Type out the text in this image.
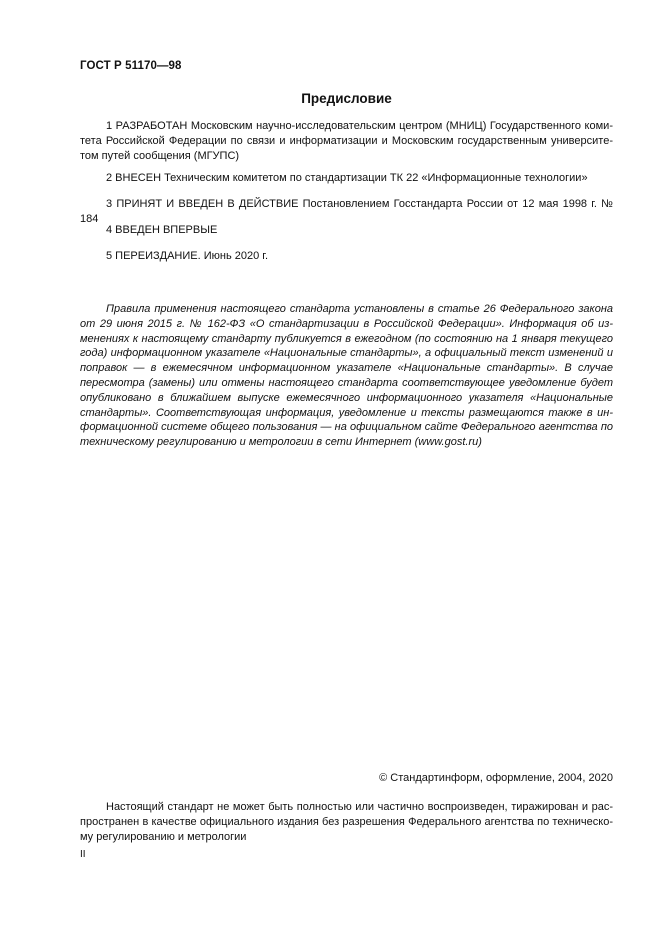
ГОСТ Р 51170—98
Предисловие
1 РАЗРАБОТАН Московским научно-исследовательским центром (МНИЦ) Государственного комитета Российской Федерации по связи и информатизации и Московским государственным университетом путей сообщения (МГУПС)
2 ВНЕСЕН Техническим комитетом по стандартизации ТК 22 «Информационные технологии»
3 ПРИНЯТ И ВВЕДЕН В ДЕЙСТВИЕ Постановлением Госстандарта России от 12 мая 1998 г. № 184
4 ВВЕДЕН ВПЕРВЫЕ
5 ПЕРЕИЗДАНИЕ. Июнь 2020 г.
Правила применения настоящего стандарта установлены в статье 26 Федерального закона от 29 июня 2015 г. № 162-ФЗ «О стандартизации в Российской Федерации». Информация об изменениях к настоящему стандарту публикуется в ежегодном (по состоянию на 1 января текущего года) информационном указателе «Национальные стандарты», а официальный текст изменений и поправок — в ежемесячном информационном указателе «Национальные стандарты». В случае пересмотра (замены) или отмены настоящего стандарта соответствующее уведомление будет опубликовано в ближайшем выпуске ежемесячного информационного указателя «Национальные стандарты». Соответствующая информация, уведомление и тексты размещаются также в информационной системе общего пользования — на официальном сайте Федерального агентства по техническому регулированию и метрологии в сети Интернет (www.gost.ru)
© Стандартинформ, оформление, 2004, 2020
Настоящий стандарт не может быть полностью или частично воспроизведен, тиражирован и распространен в качестве официального издания без разрешения Федерального агентства по техническому регулированию и метрологии
II
